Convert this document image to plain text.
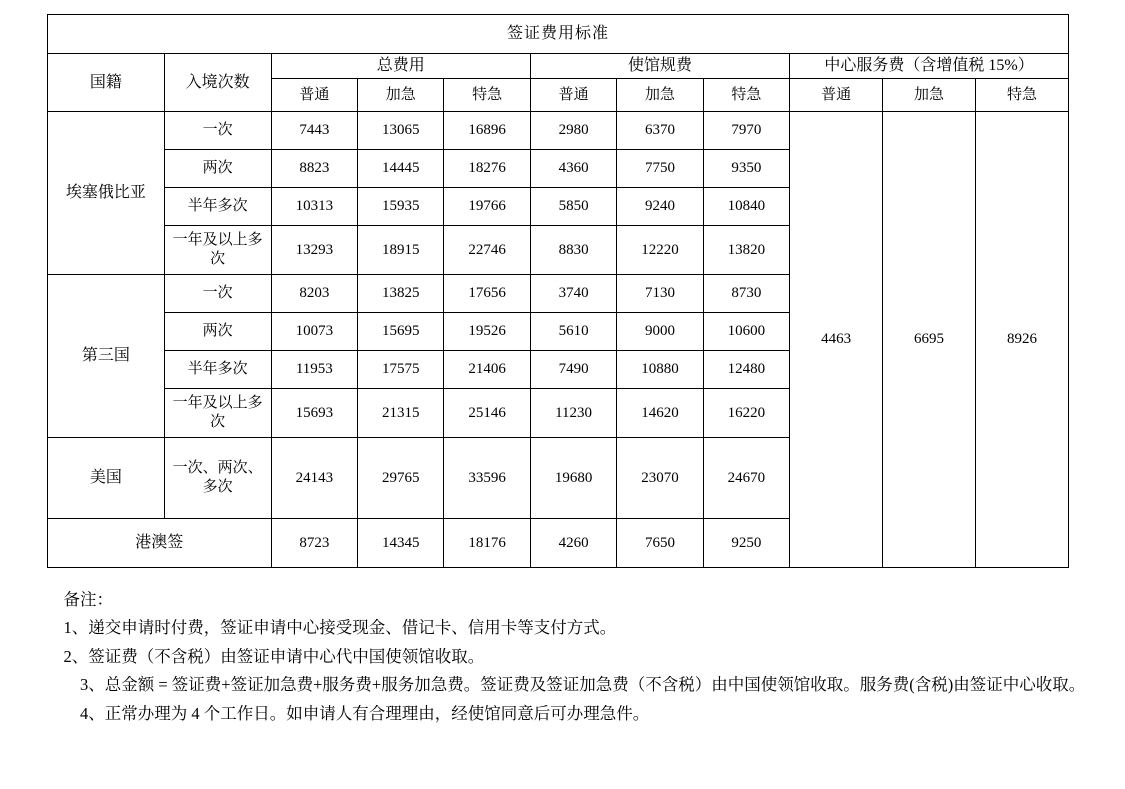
签证费用标准										
国籍	入境次数	总费用			使馆规费			中心服务费（含增值税 15%）		
		普通	加急	特急	普通	加急	特急	普通	加急	特急
埃塞俄比亚	一次	7443	13065	16896	2980	6370	7970	4463	6695	8926
	两次	8823	14445	18276	4360	7750	9350			
	半年多次	10313	15935	19766	5850	9240	10840			
	一年及以上多次	13293	18915	22746	8830	12220	13820			
第三国	一次	8203	13825	17656	3740	7130	8730			
	两次	10073	15695	19526	5610	9000	10600			
	半年多次	11953	17575	21406	7490	10880	12480			
	一年及以上多次	15693	21315	25146	11230	14620	16220			
美国	一次、两次、多次	24143	29765	33596	19680	23070	24670			
港澳签		8723	14345	18176	4260	7650	9250			

备注：

1、递交申请时付费，签证申请中心接受现金、借记卡、信用卡等支付方式。

2、签证费（不含税）由签证申请中心代中国使领馆收取。

3、总金额 = 签证费+签证加急费+服务费+服务加急费。签证费及签证加急费（不含税）由中国使领馆收取。服务费(含税)由签证中心收取。

4、正常办理为 4 个工作日。如申请人有合理理由，经使馆同意后可办理急件。
